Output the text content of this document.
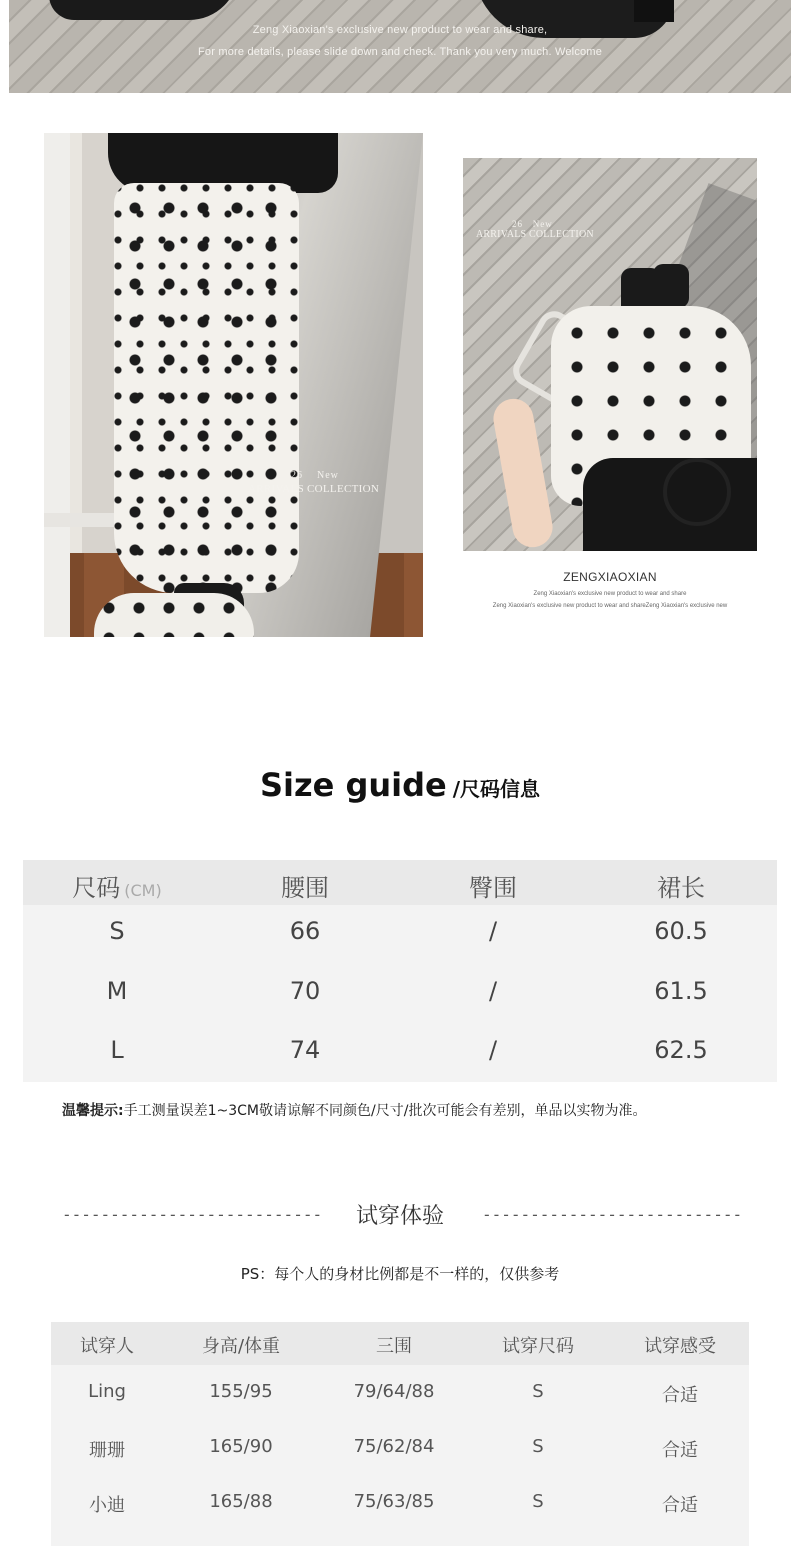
Zeng Xiaoxian's exclusive new product to wear and share,
For more details, please slide down and check. Thank you very much. Welcome
26 New
ARRIVALS COLLECTION
26 New
ARRIVALS COLLECTION
ZENGXIAOXIAN
Zeng Xiaoxian's exclusive new product to wear and share
Zeng Xiaoxian's exclusive new product to wear and shareZeng Xiaoxian's exclusive new
Size guide /尺码信息
尺码 (CM)	腰围	臀围	裙长
S	66	/	60.5
M	70	/	61.5
L	74	/	62.5
温馨提示:手工测量误差1~3CM敬请谅解不同颜色/尺寸/批次可能会有差别，单品以实物为准。
---------------------------	试穿体验	---------------------------
PS：每个人的身材比例都是不一样的，仅供参考
试穿人	身高/体重	三围	试穿尺码	试穿感受
Ling	155/95	79/64/88	S	合适
珊珊	165/90	75/62/84	S	合适
小迪	165/88	75/63/85	S	合适
